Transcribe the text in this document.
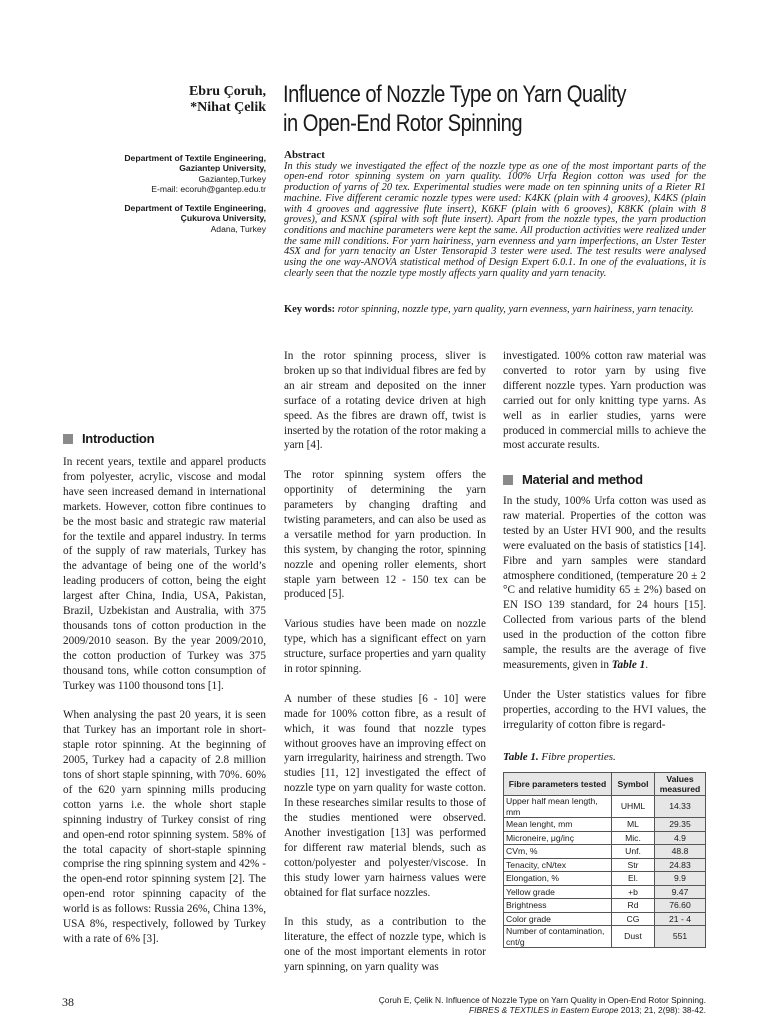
Ebru Çoruh,
*Nihat Çelik Influence of Nozzle Type on Yarn Quality
in Open-End Rotor Spinning
Department of Textile Engineering,
Gaziantep University,
Gaziantep,Turkey
E-mail: ecoruh@gantep.edu.tr
Department of Textile Engineering,
Çukurova University,
Adana, Turkey
Abstract
In this study we investigated the effect of the nozzle type as one of the most important parts of the open-end rotor spinning system on yarn quality. 100% Urfa Region cotton was used for the production of yarns of 20 tex. Experimental studies were made on ten spinning units of a Rieter R1 machine. Five different ceramic nozzle types were used: K4KK (plain with 4 grooves), K4KS (plain with 4 grooves and aggressive flute insert), K6KF (plain with 6 grooves), K8KK (plain with 8 groves), and KSNX (spiral with soft flute insert). Apart from the nozzle types, the yarn production conditions and machine parameters were kept the same. All production activities were realized under the same mill conditions. For yarn hairiness, yarn evenness and yarn imperfections, an Uster Tester 4SX and for yarn tenacity an Uster Tensorapid 3 tester were used. The test results were analysed using the one way-ANOVA statistical method of Design Expert 6.0.1. In one of the evaluations, it is clearly seen that the nozzle type mostly affects yarn quality and yarn tenacity.
Key words: rotor spinning, nozzle type, yarn quality, yarn evenness, yarn hairiness, yarn tenacity.
Introduction

In recent years, textile and apparel products from polyester, acrylic, viscose and modal have seen increased demand in international markets. However, cotton fibre continues to be the most basic and strategic raw material for the textile and apparel industry. In terms of the supply of raw materials, Turkey has the advantage of being one of the world’s leading producers of cotton, being the eight largest after China, India, USA, Pakistan, Brazil, Uzbekistan and Australia, with 375 thousands tons of cotton production in the 2009/2010 season. By the year 2009/2010, the cotton production of Turkey was 375 thousand tons, while cotton consumption of Turkey was 1100 thousond tons [1].

When analysing the past 20 years, it is seen that Turkey has an important role in short-staple rotor spinning. At the beginning of 2005, Turkey had a capacity of 2.8 million tons of short staple spinning, with 70%. 60% of the 620 yarn spinning mills producing cotton yarns i.e. the whole short staple spinning industry of Turkey consist of ring and open-end rotor spinning system. 58% of the total capacity of short-staple spinning comprise the ring spinning system and 42% - the open-end rotor spinning system [2]. The open-end rotor spinning capacity of the world is as follows: Russia 26%, China 13%, USA 8%, respectively, followed by Turkey with a rate of 6% [3].

In the rotor spinning process, sliver is broken up so that individual fibres are fed by an air stream and deposited on the inner surface of a rotating device driven at high speed. As the fibres are drawn off, twist is inserted by the rotation of the rotor making a yarn [4].

The rotor spinning system offers the opportinity of determining the yarn parameters by changing drafting and twisting parameters, and can also be used as a versatile method for yarn production. In this system, by changing the rotor, spinning nozzle and opening roller elements, short staple yarn between 12 - 150 tex can be produced [5].

Various studies have been made on nozzle type, which has a significant effect on yarn structure, surface properties and yarn quality in rotor spinning.

A number of these studies [6 - 10] were made for 100% cotton fibre, as a result of which, it was found that nozzle types without grooves have an improving effect on yarn irregularity, hairiness and strength. Two studies [11, 12] investigated the effect of nozzle type on yarn quality for waste cotton. In these researches similar results to those of the studies mentioned were observed. Another investigation [13] was performed for different raw material blends, such as cotton/polyester and polyester/viscose. In this study lower yarn hairness values were obtained for flat surface nozzles.

In this study, as a contribution to the literature, the effect of nozzle type, which is one of the most important elements in rotor yarn spinning, on yarn quality was

investigated. 100% cotton raw material was converted to rotor yarn by using five different nozzle types. Yarn production was carried out for only knitting type yarns. As well as in earlier studies, yarns were produced in commercial mills to achieve the most accurate results.

Material and method

In the study, 100% Urfa cotton was used as raw material. Properties of the cotton was tested by an Uster HVI 900, and the results were evaluated on the basis of statistics [14]. Fibre and yarn samples were standard atmosphere conditioned, (temperature 20 ± 2 °C and relative humidity 65 ± 2%) based on EN ISO 139 standard, for 24 hours [15]. Collected from various parts of the blend used in the production of the cotton fibre sample, the results are the average of five measurements, given in Table 1.

Under the Uster statistics values for fibre properties, according to the HVI values, the irregularity of cotton fibre is regard-

Table 1. Fibre properties.
Fibre parameters tested	Symbol	Values measured
Upper half mean length, mm	UHML	14.33
Mean lenght, mm	ML	29.35
Microneire, μg/inç	Mic.	4.9
CVm, %	Unf.	48.8
Tenacity, cN/tex	Str	24.83
Elongation, %	El.	9.9
Yellow grade	+b	9.47
Brightness	Rd	76.60
Color grade	CG	21 - 4
Number of contamination, cnt/g	Dust	551
38	Çoruh E, Çelik N. Influence of Nozzle Type on Yarn Quality in Open-End Rotor Spinning.
FIBRES & TEXTILES in Eastern Europe 2013; 21, 2(98): 38-42.
